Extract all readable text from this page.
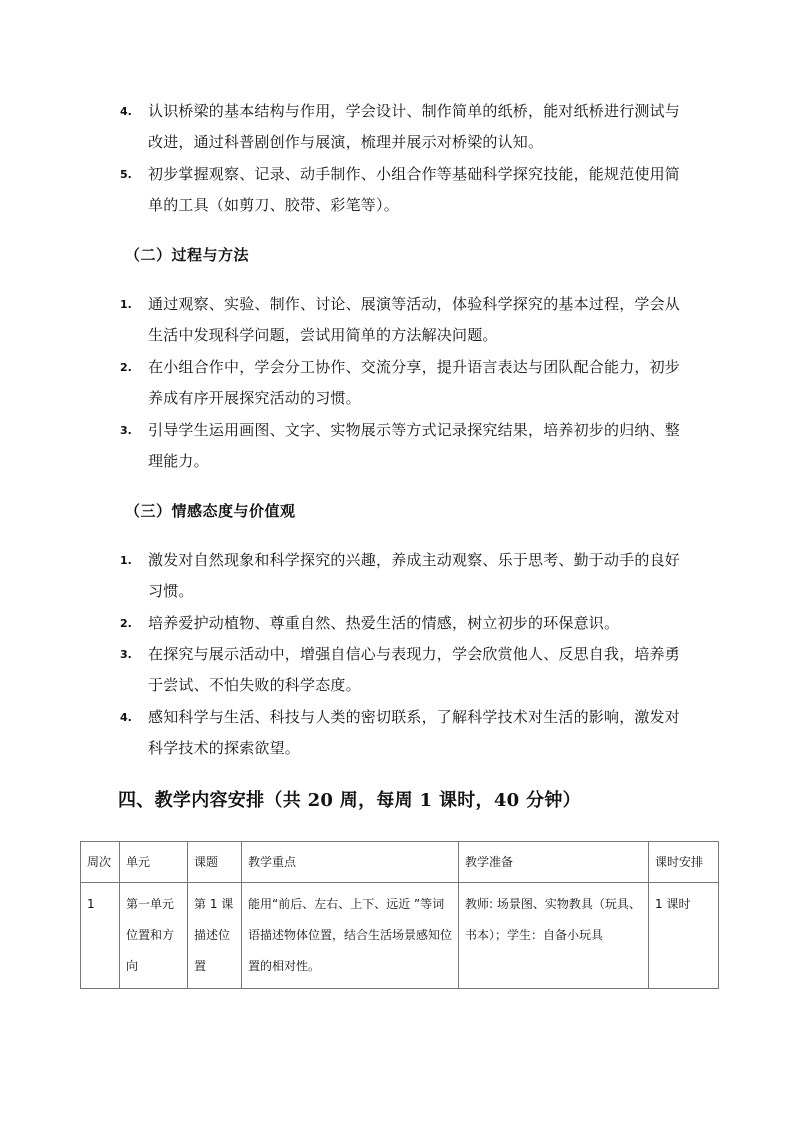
4. 认识桥梁的基本结构与作用，学会设计、制作简单的纸桥，能对纸桥进行测试与改进，通过科普剧创作与展演，梳理并展示对桥梁的认知。
5. 初步掌握观察、记录、动手制作、小组合作等基础科学探究技能，能规范使用简单的工具（如剪刀、胶带、彩笔等）。
（二）过程与方法
1. 通过观察、实验、制作、讨论、展演等活动，体验科学探究的基本过程，学会从生活中发现科学问题，尝试用简单的方法解决问题。
2. 在小组合作中，学会分工协作、交流分享，提升语言表达与团队配合能力，初步养成有序开展探究活动的习惯。
3. 引导学生运用画图、文字、实物展示等方式记录探究结果，培养初步的归纳、整理能力。
（三）情感态度与价值观
1. 激发对自然现象和科学探究的兴趣，养成主动观察、乐于思考、勤于动手的良好习惯。
2. 培养爱护动植物、尊重自然、热爱生活的情感，树立初步的环保意识。
3. 在探究与展示活动中，增强自信心与表现力，学会欣赏他人、反思自我，培养勇于尝试、不怕失败的科学态度。
4. 感知科学与生活、科技与人类的密切联系，了解科学技术对生活的影响，激发对科学技术的探索欲望。
四、教学内容安排（共 20 周，每周 1 课时，40 分钟）
周次	单元	课题	教学重点	教学准备	课时安排
1	第一单元位置和方向	第 1 课描述位置	能用“前后、左右、上下、远近 ”等词语描述物体位置，结合生活场景感知位置的相对性。	教师: 场景图、实物教具（玩具、书本）；学生：自备小玩具	1 课时
